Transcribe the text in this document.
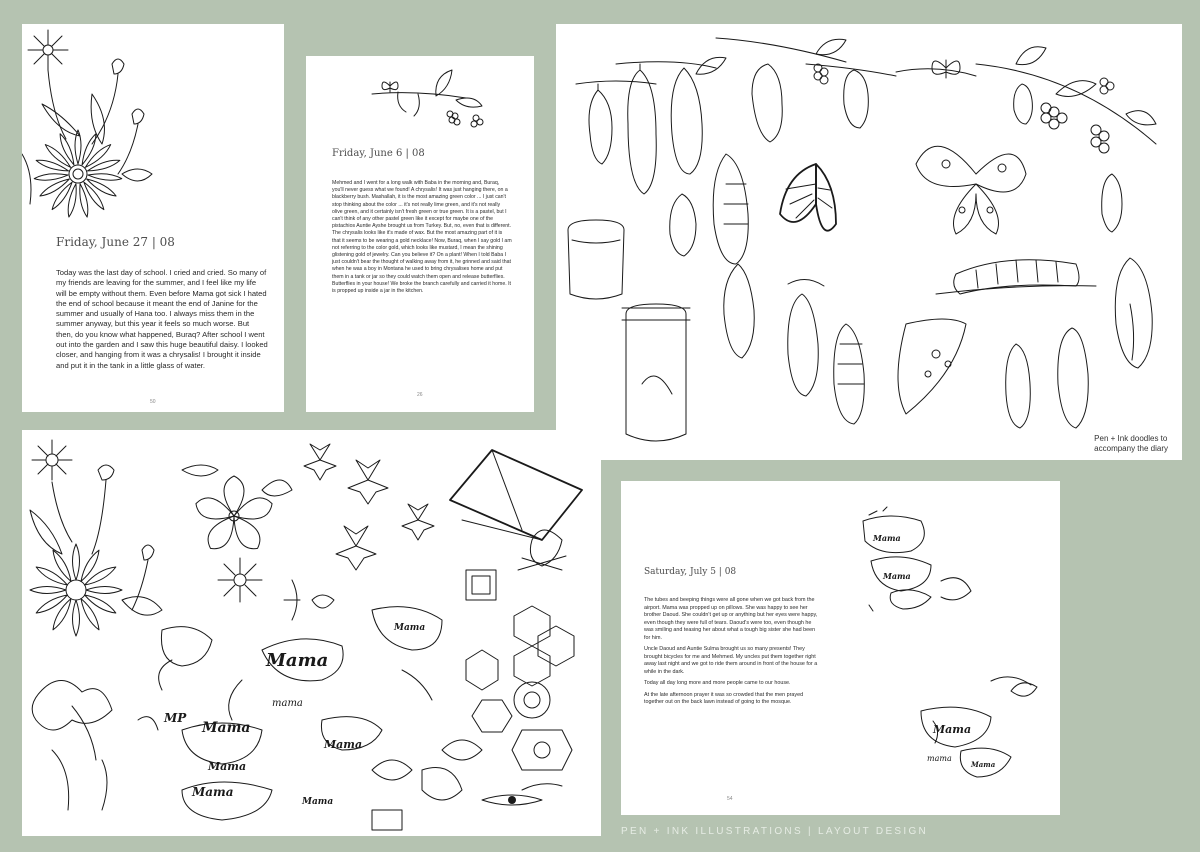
Friday, June 27 | 08
Today was the last day of school. I cried and cried. So many of my friends are leaving for the summer, and I feel like my life will be empty without them. Even before Mama got sick I hated the end of school because it meant the end of Janine for the summer and usually of Hana too. I always miss them in the summer anyway, but this year it feels so much worse. But then, do you know what happened, Buraq? After school I went out into the garden and I saw this huge beautiful daisy. I looked closer, and hanging from it was a chrysalis! I brought it inside and put it in the tank in a little glass of water.
50
Friday, June 6 | 08
Mehmed and I went for a long walk with Baba in the morning and, Buraq, you'll never guess what we found! A chrysalis! It was just hanging there, on a blackberry bush. Mashallah, it is the most amazing green color ... I just can't stop thinking about the color ... it's not really lime green, and it's not really olive green, and it certainly isn't fresh green or true green. It is a pastel, but I can't think of any other pastel green like it except for maybe one of the pistachios Auntie Ayshe brought us from Turkey. But, no, even that is different. The chrysalis looks like it's made of wax. But the most amazing part of it is that it seems to be wearing a gold necklace! Now, Buraq, when I say gold I am not referring to the color gold, which looks like mustard, I mean the shining glistening gold of jewelry. Can you believe it? On a plant! When I told Baba I just couldn't bear the thought of walking away from it, he grinned and said that when he was a boy in Montana he used to bring chrysalises home and put them in a tank or jar so they could watch them open and release butterflies. Butterflies in your house! We broke the branch carefully and carried it home. It is propped up inside a jar in the kitchen.
26
Pen + Ink doodles to
accompany the diary
Mama
Mama
Mama
Mama
Mama
Mama
mama
Mama
MP
Mama
Mama
Mama
mama
Mama
Saturday, July 5 | 08

The tubes and beeping things were all gone when we got back from the airport. Mama was propped up on pillows. She was happy to see her brother Daoud. She couldn't get up or anything but her eyes were happy, even though they were full of tears. Daoud's were too, even though he was smiling and teasing her about what a tough big sister she had been for him.

Uncle Daoud and Auntie Sulma brought us so many presents! They brought bicycles for me and Mehmed. My uncles put them together right away last night and we got to ride them around in front of the house for a while in the dark.

Today all day long more and more people came to our house.

At the late afternoon prayer it was so crowded that the men prayed together out on the back lawn instead of going to the mosque.

54
PEN + INK ILLUSTRATIONS | LAYOUT DESIGN
